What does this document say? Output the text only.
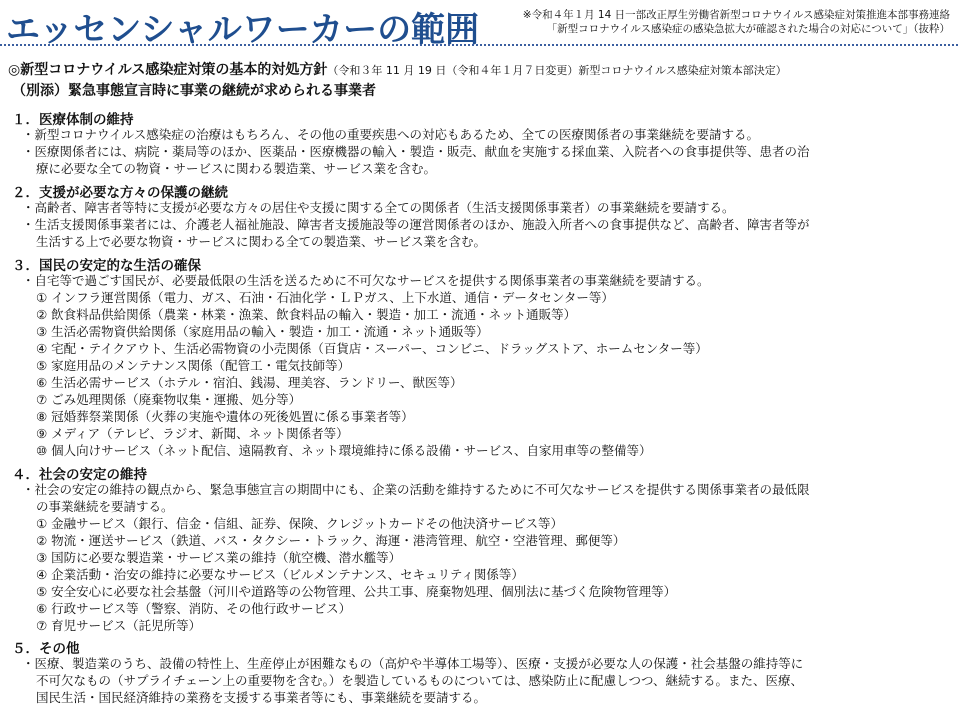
エッセンシャルワーカーの範囲	※令和４年１月 14 日一部改正厚生労働省新型コロナウイルス感染症対策推進本部事務連絡
「新型コロナウイルス感染症の感染急拡大が確認された場合の対応について」（抜粋）
◎新型コロナウイルス感染症対策の基本的対処方針（令和３年 11 月 19 日（令和４年１月７日変更）新型コロナウイルス感染症対策本部決定）
（別添）緊急事態宣言時に事業の継続が求められる事業者
１．医療体制の維持
・新型コロナウイルス感染症の治療はもちろん、その他の重要疾患への対応もあるため、全ての医療関係者の事業継続を要請する。
・医療関係者には、病院・薬局等のほか、医薬品・医療機器の輸入・製造・販売、献血を実施する採血業、入院者への食事提供等、患者の治
療に必要な全ての物資・サービスに関わる製造業、サービス業を含む。
２．支援が必要な方々の保護の継続
・高齢者、障害者等特に支援が必要な方々の居住や支援に関する全ての関係者（生活支援関係事業者）の事業継続を要請する。
・生活支援関係事業者には、介護老人福祉施設、障害者支援施設等の運営関係者のほか、施設入所者への食事提供など、高齢者、障害者等が
生活する上で必要な物資・サービスに関わる全ての製造業、サービス業を含む。
３．国民の安定的な生活の確保
・自宅等で過ごす国民が、必要最低限の生活を送るために不可欠なサービスを提供する関係事業者の事業継続を要請する。
① インフラ運営関係（電力、ガス、石油・石油化学・ＬＰガス、上下水道、通信・データセンター等）
② 飲食料品供給関係（農業・林業・漁業、飲食料品の輸入・製造・加工・流通・ネット通販等）
③ 生活必需物資供給関係（家庭用品の輸入・製造・加工・流通・ネット通販等）
④ 宅配・テイクアウト、生活必需物資の小売関係（百貨店・スーパー、コンビニ、ドラッグストア、ホームセンター等）
⑤ 家庭用品のメンテナンス関係（配管工・電気技師等）
⑥ 生活必需サービス（ホテル・宿泊、銭湯、理美容、ランドリー、獣医等）
⑦ ごみ処理関係（廃棄物収集・運搬、処分等）
⑧ 冠婚葬祭業関係（火葬の実施や遺体の死後処置に係る事業者等）
⑨ メディア（テレビ、ラジオ、新聞、ネット関係者等）
⑩ 個人向けサービス（ネット配信、遠隔教育、ネット環境維持に係る設備・サービス、自家用車等の整備等）
４．社会の安定の維持
・社会の安定の維持の観点から、緊急事態宣言の期間中にも、企業の活動を維持するために不可欠なサービスを提供する関係事業者の最低限
の事業継続を要請する。
① 金融サービス（銀行、信金・信組、証券、保険、クレジットカードその他決済サービス等）
② 物流・運送サービス（鉄道、バス・タクシー・トラック、海運・港湾管理、航空・空港管理、郵便等）
③ 国防に必要な製造業・サービス業の維持（航空機、潜水艦等）
④ 企業活動・治安の維持に必要なサービス（ビルメンテナンス、セキュリティ関係等）
⑤ 安全安心に必要な社会基盤（河川や道路等の公物管理、公共工事、廃棄物処理、個別法に基づく危険物管理等）
⑥ 行政サービス等（警察、消防、その他行政サービス）
⑦ 育児サービス（託児所等）
５．その他
・医療、製造業のうち、設備の特性上、生産停止が困難なもの（高炉や半導体工場等）、医療・支援が必要な人の保護・社会基盤の維持等に
不可欠なもの（サプライチェーン上の重要物を含む。）を製造しているものについては、感染防止に配慮しつつ、継続する。また、医療、
国民生活・国民経済維持の業務を支援する事業者等にも、事業継続を要請する。
